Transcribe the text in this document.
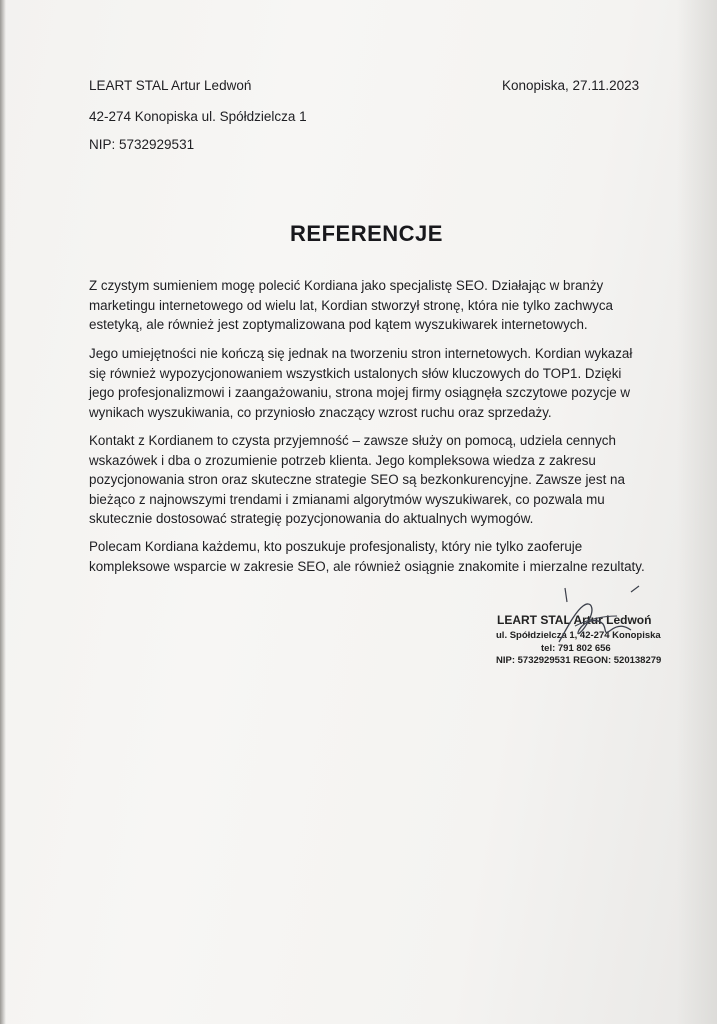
LEART STAL Artur Ledwoń
42-274 Konopiska ul. Spółdzielcza 1
NIP: 5732929531
Konopiska, 27.11.2023
REFERENCJE
Z czystym sumieniem mogę polecić Kordiana jako specjalistę SEO. Działając w branży marketingu internetowego od wielu lat, Kordian stworzył stronę, która nie tylko zachwyca estetyką, ale również jest zoptymalizowana pod kątem wyszukiwarek internetowych.
Jego umiejętności nie kończą się jednak na tworzeniu stron internetowych. Kordian wykazał się również wypozycjonowaniem wszystkich ustalonych słów kluczowych do TOP1. Dzięki jego profesjonalizmowi i zaangażowaniu, strona mojej firmy osiągnęła szczytowe pozycje w wynikach wyszukiwania, co przyniosło znaczący wzrost ruchu oraz sprzedaży.
Kontakt z Kordianem to czysta przyjemność – zawsze służy on pomocą, udziela cennych wskazówek i dba o zrozumienie potrzeb klienta. Jego kompleksowa wiedza z zakresu pozycjonowania stron oraz skuteczne strategie SEO są bezkonkurencyjne. Zawsze jest na bieżąco z najnowszymi trendami i zmianami algorytmów wyszukiwarek, co pozwala mu skutecznie dostosować strategię pozycjonowania do aktualnych wymogów.
Polecam Kordiana każdemu, kto poszukuje profesjonalisty, który nie tylko zaoferuje kompleksowe wsparcie w zakresie SEO, ale również osiągnie znakomite i mierzalne rezultaty.
LEART STAL Artur Ledwoń
ul. Spółdzielcza 1, 42-274 Konopiska
tel: 791 802 656
NIP: 5732929531 REGON: 520138279
